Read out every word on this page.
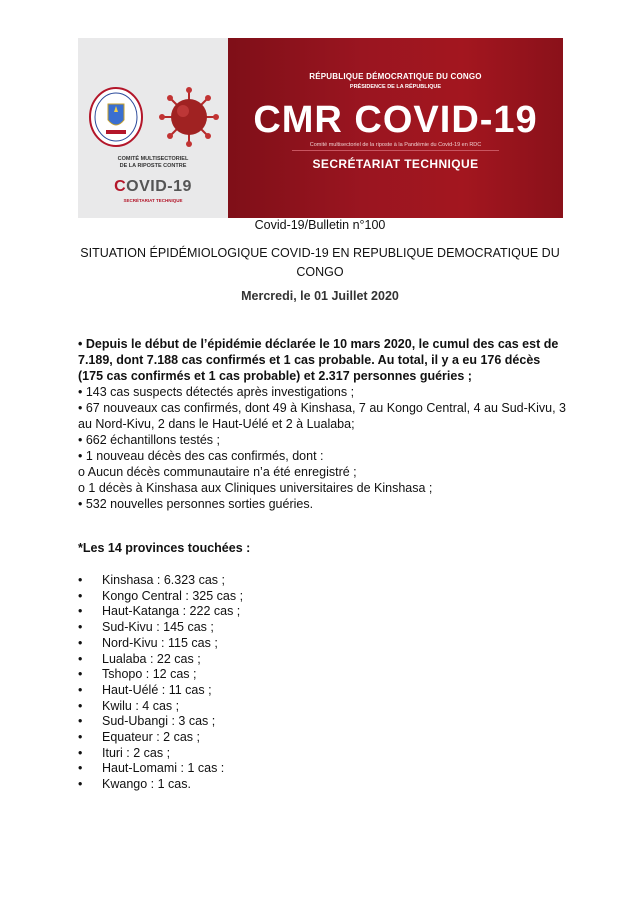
COMITÉ MULTISECTORIEL
DE LA RIPOSTE CONTRE
COVID-19
SECRÉTARIAT TECHNIQUE
RÉPUBLIQUE DÉMOCRATIQUE DU CONGO
PRÉSIDENCE DE LA RÉPUBLIQUE
CMR COVID-19
Comité multisectoriel de la riposte à la Pandémie du Covid-19 en RDC
SECRÉTARIAT TECHNIQUE
Covid-19/Bulletin n°100
SITUATION ÉPIDÉMIOLOGIQUE COVID-19 EN REPUBLIQUE DEMOCRATIQUE DU CONGO
Mercredi, le 01 Juillet 2020
• Depuis le début de l’épidémie déclarée le 10 mars 2020, le cumul des cas est de 7.189, dont 7.188 cas confirmés et 1 cas probable. Au total, il y a eu 176 décès (175 cas confirmés et 1 cas probable) et 2.317 personnes guéries ;
• 143 cas suspects détectés après investigations ;
• 67 nouveaux cas confirmés, dont 49 à Kinshasa, 7 au Kongo Central, 4 au Sud-Kivu, 3 au Nord-Kivu, 2 dans le Haut-Uélé et 2 à Lualaba;
• 662 échantillons testés ;
• 1 nouveau décès des cas confirmés, dont :
o Aucun décès communautaire n’a été enregistré ;
o 1 décès à Kinshasa aux Cliniques universitaires de Kinshasa ;
• 532 nouvelles personnes sorties guéries.
*Les 14 provinces touchées :
•	Kinshasa : 6.323 cas ;
•	Kongo Central : 325 cas ;
•	Haut-Katanga : 222 cas ;
•	Sud-Kivu : 145 cas ;
•	Nord-Kivu : 115 cas ;
•	Lualaba : 22 cas ;
•	Tshopo : 12 cas ;
•	Haut-Uélé : 11 cas ;
•	Kwilu : 4 cas ;
•	Sud-Ubangi : 3 cas ;
•	Equateur : 2 cas ;
•	Ituri : 2 cas ;
•	Haut-Lomami : 1 cas :
•	Kwango : 1 cas.
